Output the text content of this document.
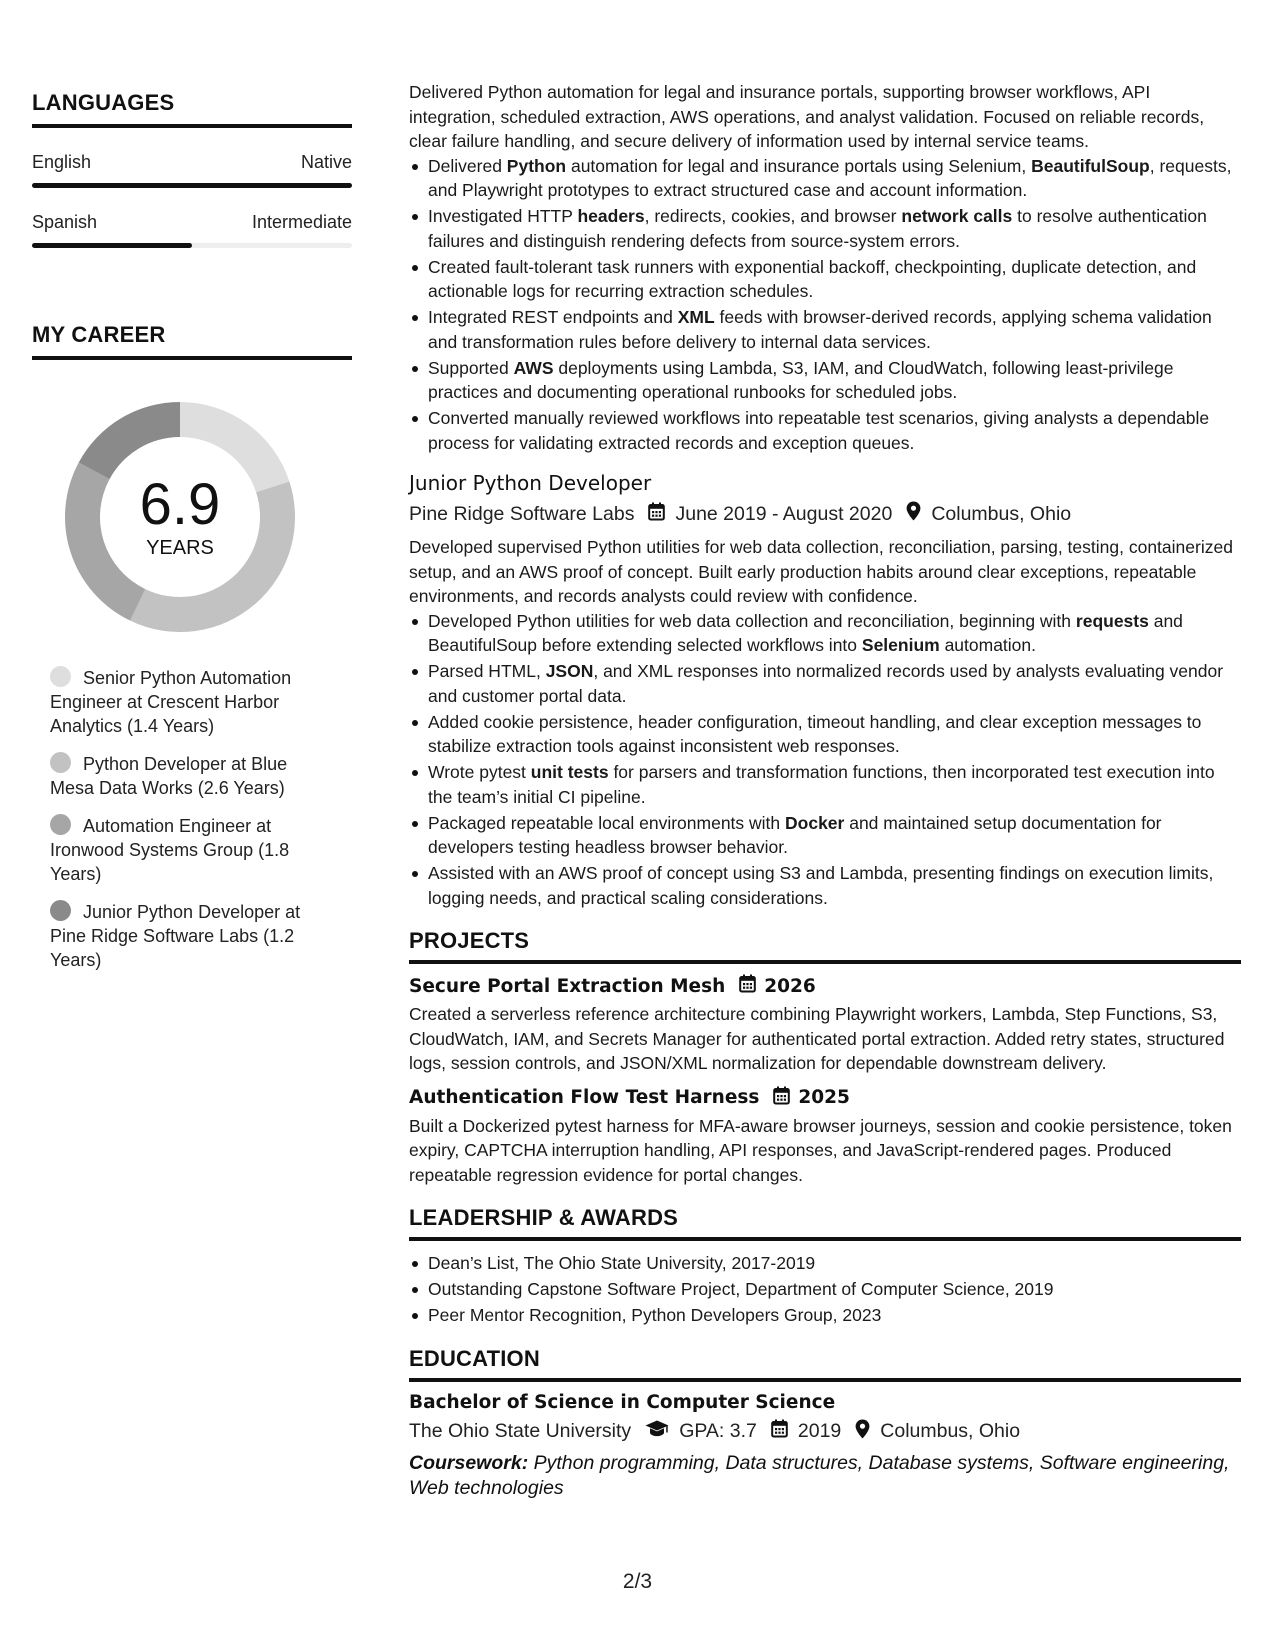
LANGUAGES
English	Native
Spanish	Intermediate
MY CAREER
6.9
YEARS
Senior Python Automation Engineer at Crescent Harbor Analytics (1.4 Years)
Python Developer at Blue Mesa Data Works (2.6 Years)
Automation Engineer at Ironwood Systems Group (1.8 Years)
Junior Python Developer at Pine Ridge Software Labs (1.2 Years)

Delivered Python automation for legal and insurance portals, supporting browser workflows, API integration, scheduled extraction, AWS operations, and analyst validation. Focused on reliable records, clear failure handling, and secure delivery of information used by internal service teams.

Delivered Python automation for legal and insurance portals using Selenium, BeautifulSoup, requests, and Playwright prototypes to extract structured case and account information.
Investigated HTTP headers, redirects, cookies, and browser network calls to resolve authentication failures and distinguish rendering defects from source-system errors.
Created fault-tolerant task runners with exponential backoff, checkpointing, duplicate detection, and actionable logs for recurring extraction schedules.
Integrated REST endpoints and XML feeds with browser-derived records, applying schema validation and transformation rules before delivery to internal data services.
Supported AWS deployments using Lambda, S3, IAM, and CloudWatch, following least-privilege practices and documenting operational runbooks for scheduled jobs.
Converted manually reviewed workflows into repeatable test scenarios, giving analysts a dependable process for validating extracted records and exception queues.
Junior Python Developer
Pine Ridge Software Labs June 2019 - August 2020 Columbus, Ohio

Developed supervised Python utilities for web data collection, reconciliation, parsing, testing, containerized setup, and an AWS proof of concept. Built early production habits around clear exceptions, repeatable environments, and records analysts could review with confidence.

Developed Python utilities for web data collection and reconciliation, beginning with requests and BeautifulSoup before extending selected workflows into Selenium automation.
Parsed HTML, JSON, and XML responses into normalized records used by analysts evaluating vendor and customer portal data.
Added cookie persistence, header configuration, timeout handling, and clear exception messages to stabilize extraction tools against inconsistent web responses.
Wrote pytest unit tests for parsers and transformation functions, then incorporated test execution into the team’s initial CI pipeline.
Packaged repeatable local environments with Docker and maintained setup documentation for developers testing headless browser behavior.
Assisted with an AWS proof of concept using S3 and Lambda, presenting findings on execution limits, logging needs, and practical scaling considerations.
PROJECTS
Secure Portal Extraction Mesh 2026

Created a serverless reference architecture combining Playwright workers, Lambda, Step Functions, S3, CloudWatch, IAM, and Secrets Manager for authenticated portal extraction. Added retry states, structured logs, session controls, and JSON/XML normalization for dependable downstream delivery.

Authentication Flow Test Harness 2025

Built a Dockerized pytest harness for MFA-aware browser journeys, session and cookie persistence, token expiry, CAPTCHA interruption handling, API responses, and JavaScript-rendered pages. Produced repeatable regression evidence for portal changes.

LEADERSHIP & AWARDS
Dean’s List, The Ohio State University, 2017-2019
Outstanding Capstone Software Project, Department of Computer Science, 2019
Peer Mentor Recognition, Python Developers Group, 2023
EDUCATION
Bachelor of Science in Computer Science
The Ohio State University GPA: 3.7 2019 Columbus, Ohio
Coursework: Python programming, Data structures, Database systems, Software engineering, Web technologies
2/3
